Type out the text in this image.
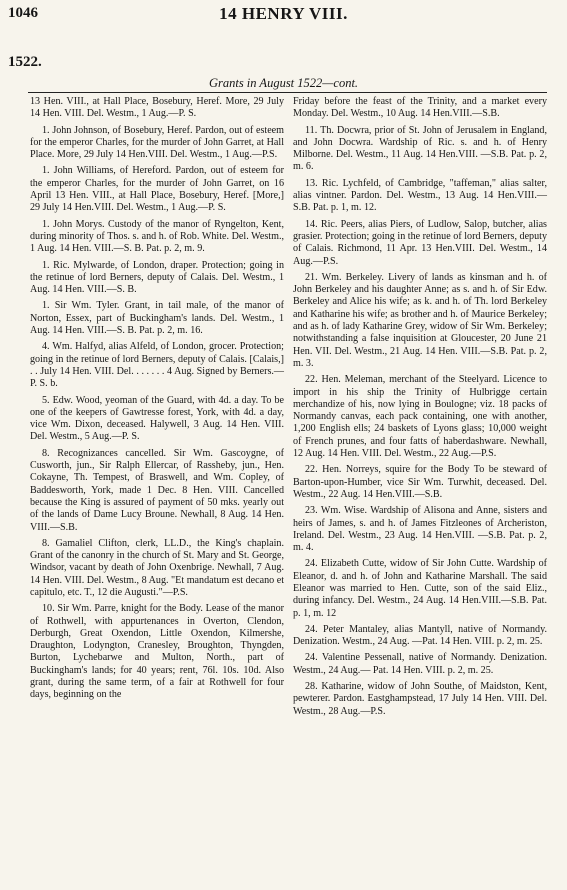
1046	14 HENRY VIII.
1522.
Grants in August 1522—cont.

13 Hen. VIII., at Hall Place, Bosebury, Heref. More, 29 July 14 Hen. VIII. Del. Westm., 1 Aug.—P. S.

1. John Johnson, of Bosebury, Heref. Pardon, out of esteem for the emperor Charles, for the murder of John Garret, at Hall Place. More, 29 July 14 Hen.VIII. Del. Westm., 1 Aug.—P.S.

1. John Williams, of Hereford. Pardon, out of esteem for the emperor Charles, for the murder of John Garret, on 16 April 13 Hen. VIII., at Hall Place, Bosebury, Heref. [More,] 29 July 14 Hen.VIII. Del. Westm., 1 Aug.—P. S.

1. John Morys. Custody of the manor of Ryngelton, Kent, during minority of Thos. s. and h. of Rob. White. Del. Westm., 1 Aug. 14 Hen. VIII.—S. B. Pat. p. 2, m. 9.

1. Ric. Mylwarde, of London, draper. Protection; going in the retinue of lord Berners, deputy of Calais. Del. Westm., 1 Aug. 14 Hen. VIII.—S. B.

1. Sir Wm. Tyler. Grant, in tail male, of the manor of Norton, Essex, part of Buckingham's lands. Del. Westm., 1 Aug. 14 Hen. VIII.—S. B. Pat. p. 2, m. 16.

4. Wm. Halfyd, alias Alfeld, of London, grocer. Protection; going in the retinue of lord Berners, deputy of Calais. [Calais,] . . July 14 Hen. VIII. Del. . . . . . . 4 Aug. Signed by Berners.—P. S. b.

5. Edw. Wood, yeoman of the Guard, with 4d. a day. To be one of the keepers of Gawtresse forest, York, with 4d. a day, vice Wm. Dixon, deceased. Halywell, 3 Aug. 14 Hen. VIII. Del. Westm., 5 Aug.—P. S.

8. Recognizances cancelled. Sir Wm. Gascoygne, of Cusworth, jun., Sir Ralph Ellercar, of Rassheby, jun., Hen. Cokayne, Th. Tempest, of Braswell, and Wm. Copley, of Baddesworth, York, made 1 Dec. 8 Hen. VIII. Cancelled because the King is assured of payment of 50 mks. yearly out of the lands of Dame Lucy Broune. Newhall, 8 Aug. 14 Hen. VIII.—S.B.

8. Gamaliel Clifton, clerk, LL.D., the King's chaplain. Grant of the canonry in the church of St. Mary and St. George, Windsor, vacant by death of John Oxenbrige. Newhall, 7 Aug. 14 Hen. VIII. Del. Westm., 8 Aug. "Et mandatum est decano et capitulo, etc. T., 12 die Augusti."—P.S.

10. Sir Wm. Parre, knight for the Body. Lease of the manor of Rothwell, with appurtenances in Overton, Clendon, Derburgh, Great Oxendon, Little Oxendon, Kilmershe, Draughton, Lodyngton, Cranesley, Broughton, Thyngden, Burton, Lychebarwe and Multon, North., part of Buckingham's lands; for 40 years; rent, 76l. 10s. 10d. Also grant, during the same term, of a fair at Rothwell for four days, beginning on the

Friday before the feast of the Trinity, and a market every Monday. Del. Westm., 10 Aug. 14 Hen.VIII.—S.B.

11. Th. Docwra, prior of St. John of Jerusalem in England, and John Docwra. Wardship of Ric. s. and h. of Henry Milborne. Del. Westm., 11 Aug. 14 Hen.VIII. —S.B. Pat. p. 2, m. 6.

13. Ric. Lychfeld, of Cambridge, "taffeman," alias salter, alias vintner. Pardon. Del. Westm., 13 Aug. 14 Hen.VIII.—S.B. Pat. p. 1, m. 12.

14. Ric. Peers, alias Piers, of Ludlow, Salop, butcher, alias grasier. Protection; going in the retinue of lord Berners, deputy of Calais. Richmond, 11 Apr. 13 Hen.VIII. Del. Westm., 14 Aug.—P.S.

21. Wm. Berkeley. Livery of lands as kinsman and h. of John Berkeley and his daughter Anne; as s. and h. of Sir Edw. Berkeley and Alice his wife; as k. and h. of Th. lord Berkeley and Katharine his wife; as brother and h. of Maurice Berkeley; and as h. of lady Katharine Grey, widow of Sir Wm. Berkeley; notwithstanding a false inquisition at Gloucester, 20 June 21 Hen. VII. Del. Westm., 21 Aug. 14 Hen. VIII.—S.B. Pat. p. 2, m. 3.

22. Hen. Meleman, merchant of the Steelyard. Licence to import in his ship the Trinity of Hulbrigge certain merchandize of his, now lying in Boulogne; viz. 18 packs of Normandy canvas, each pack containing, one with another, 1,200 English ells; 24 baskets of Lyons glass; 10,000 weight of French prunes, and four fatts of haberdashware. Newhall, 12 Aug. 14 Hen. VIII. Del. Westm., 22 Aug.—P.S.

22. Hen. Norreys, squire for the Body To be steward of Barton-upon-Humber, vice Sir Wm. Turwhit, deceased. Del. Westm., 22 Aug. 14 Hen.VIII.—S.B.

23. Wm. Wise. Wardship of Alisona and Anne, sisters and heirs of James, s. and h. of James Fitzleones of Archeriston, Ireland. Del. Westm., 23 Aug. 14 Hen.VIII. —S.B. Pat. p. 2, m. 4.

24. Elizabeth Cutte, widow of Sir John Cutte. Wardship of Eleanor, d. and h. of John and Katharine Marshall. The said Eleanor was married to Hen. Cutte, son of the said Eliz., during infancy. Del. Westm., 24 Aug. 14 Hen.VIII.—S.B. Pat. p. 1, m. 12

24. Peter Mantaley, alias Mantyll, native of Normandy. Denization. Westm., 24 Aug. —Pat. 14 Hen. VIII. p. 2, m. 25.

24. Valentine Pessenall, native of Normandy. Denization. Westm., 24 Aug.— Pat. 14 Hen. VIII. p. 2, m. 25.

28. Katharine, widow of John Southe, of Maidston, Kent, pewterer. Pardon. Eastghampstead, 17 July 14 Hen. VIII. Del. Westm., 28 Aug.—P.S.
